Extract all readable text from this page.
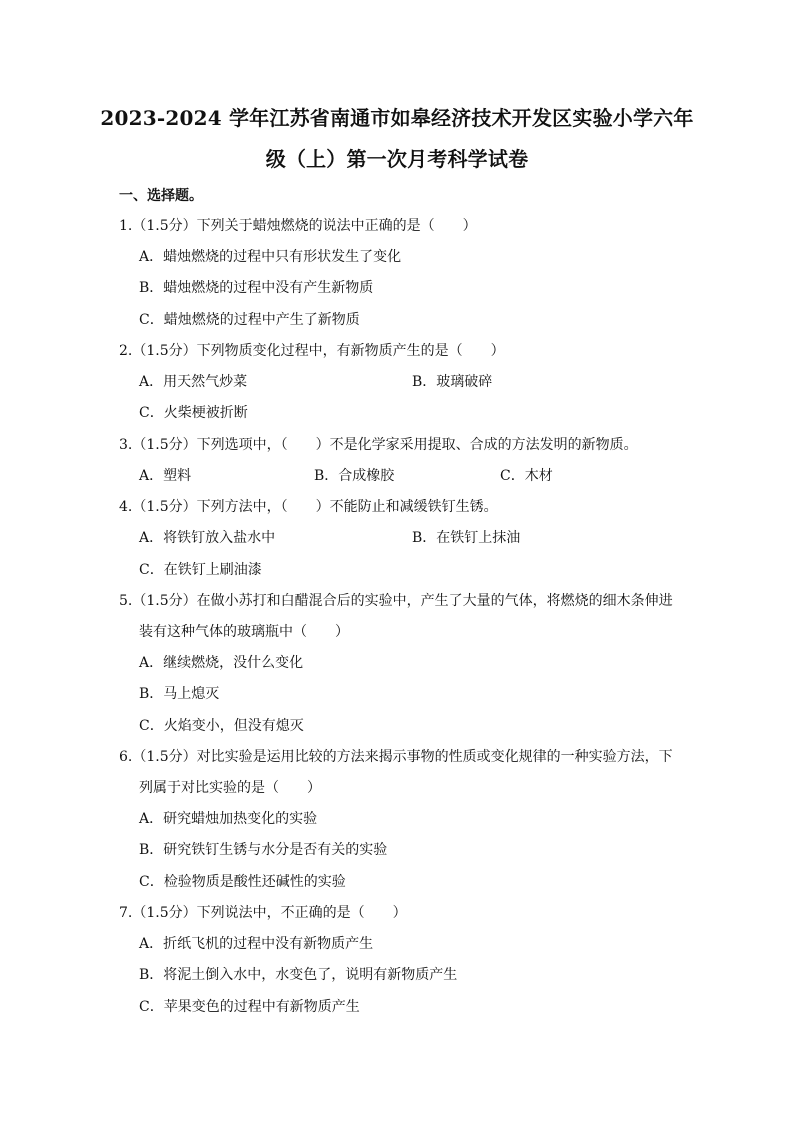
2023-2024 学年江苏省南通市如皋经济技术开发区实验小学六年
级（上）第一次月考科学试卷
一、选择题。
1.（1.5分）下列关于蜡烛燃烧的说法中正确的是（　　）
A．蜡烛燃烧的过程中只有形状发生了变化
B．蜡烛燃烧的过程中没有产生新物质
C．蜡烛燃烧的过程中产生了新物质
2.（1.5分）下列物质变化过程中，有新物质产生的是（　　）
A．用天然气炒菜	B．玻璃破碎
C．火柴梗被折断
3.（1.5分）下列选项中，（　　）不是化学家采用提取、合成的方法发明的新物质。
A．塑料	B．合成橡胶	C．木材
4.（1.5分）下列方法中，（　　）不能防止和减缓铁钉生锈。
A．将铁钉放入盐水中	B．在铁钉上抹油
C．在铁钉上刷油漆
5.（1.5分）在做小苏打和白醋混合后的实验中，产生了大量的气体，将燃烧的细木条伸进
装有这种气体的玻璃瓶中（　　）
A．继续燃烧，没什么变化
B．马上熄灭
C．火焰变小，但没有熄灭
6.（1.5分）对比实验是运用比较的方法来揭示事物的性质或变化规律的一种实验方法，下
列属于对比实验的是（　　）
A．研究蜡烛加热变化的实验
B．研究铁钉生锈与水分是否有关的实验
C．检验物质是酸性还碱性的实验
7.（1.5分）下列说法中，不正确的是（　　）
A．折纸飞机的过程中没有新物质产生
B．将泥土倒入水中，水变色了，说明有新物质产生
C．苹果变色的过程中有新物质产生
